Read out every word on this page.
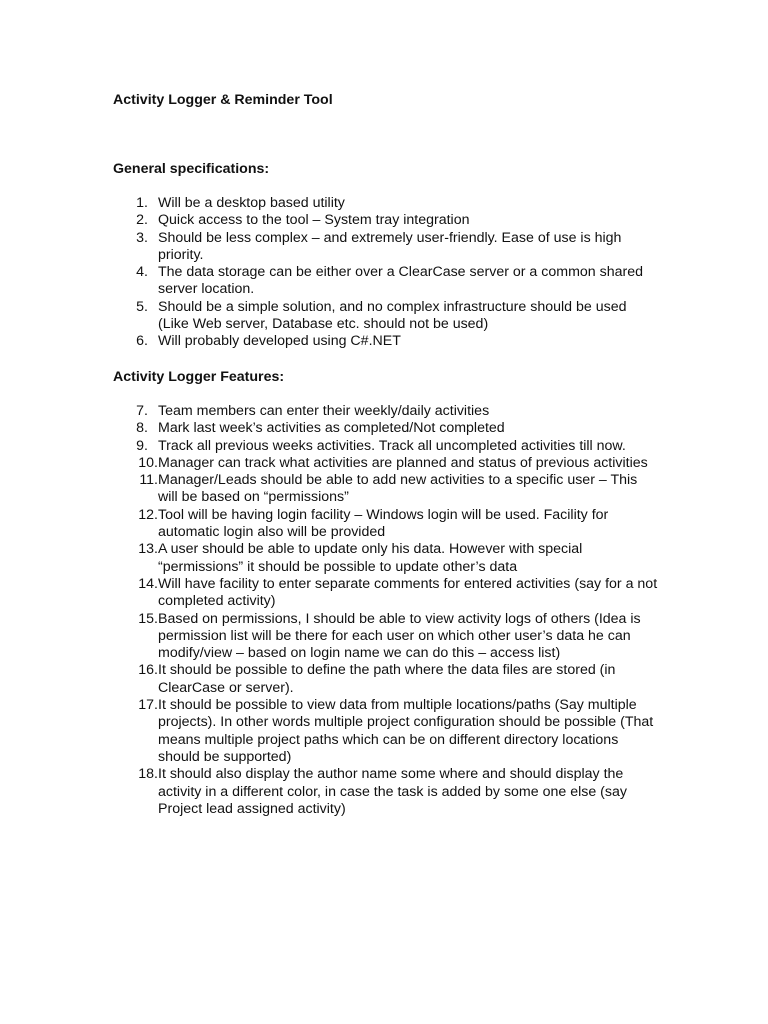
Activity Logger & Reminder Tool
General specifications:
1. Will be a desktop based utility
2. Quick access to the tool – System tray integration
3. Should be less complex – and extremely user-friendly. Ease of use is high priority.
4. The data storage can be either over a ClearCase server or a common shared server location.
5. Should be a simple solution, and no complex infrastructure should be used (Like Web server, Database etc. should not be used)
6. Will probably developed using C#.NET
Activity Logger Features:
7. Team members can enter their weekly/daily activities
8. Mark last week’s activities as completed/Not completed
9. Track all previous weeks activities. Track all uncompleted activities till now.
10. Manager can track what activities are planned and status of previous activities
11. Manager/Leads should be able to add new activities to a specific user – This will be based on “permissions”
12. Tool will be having login facility – Windows login will be used. Facility for automatic login also will be provided
13. A user should be able to update only his data. However with special “permissions” it should be possible to update other’s data
14. Will have facility to enter separate comments for entered activities (say for a not completed activity)
15. Based on permissions, I should be able to view activity logs of others (Idea is permission list will be there for each user on which other user’s data he can modify/view – based on login name we can do this – access list)
16. It should be possible to define the path where the data files are stored (in ClearCase or server).
17. It should be possible to view data from multiple locations/paths (Say multiple projects). In other words multiple project configuration should be possible (That means multiple project paths which can be on different directory locations should be supported)
18. It should also display the author name some where and should display the activity in a different color, in case the task is added by some one else (say Project lead assigned activity)
